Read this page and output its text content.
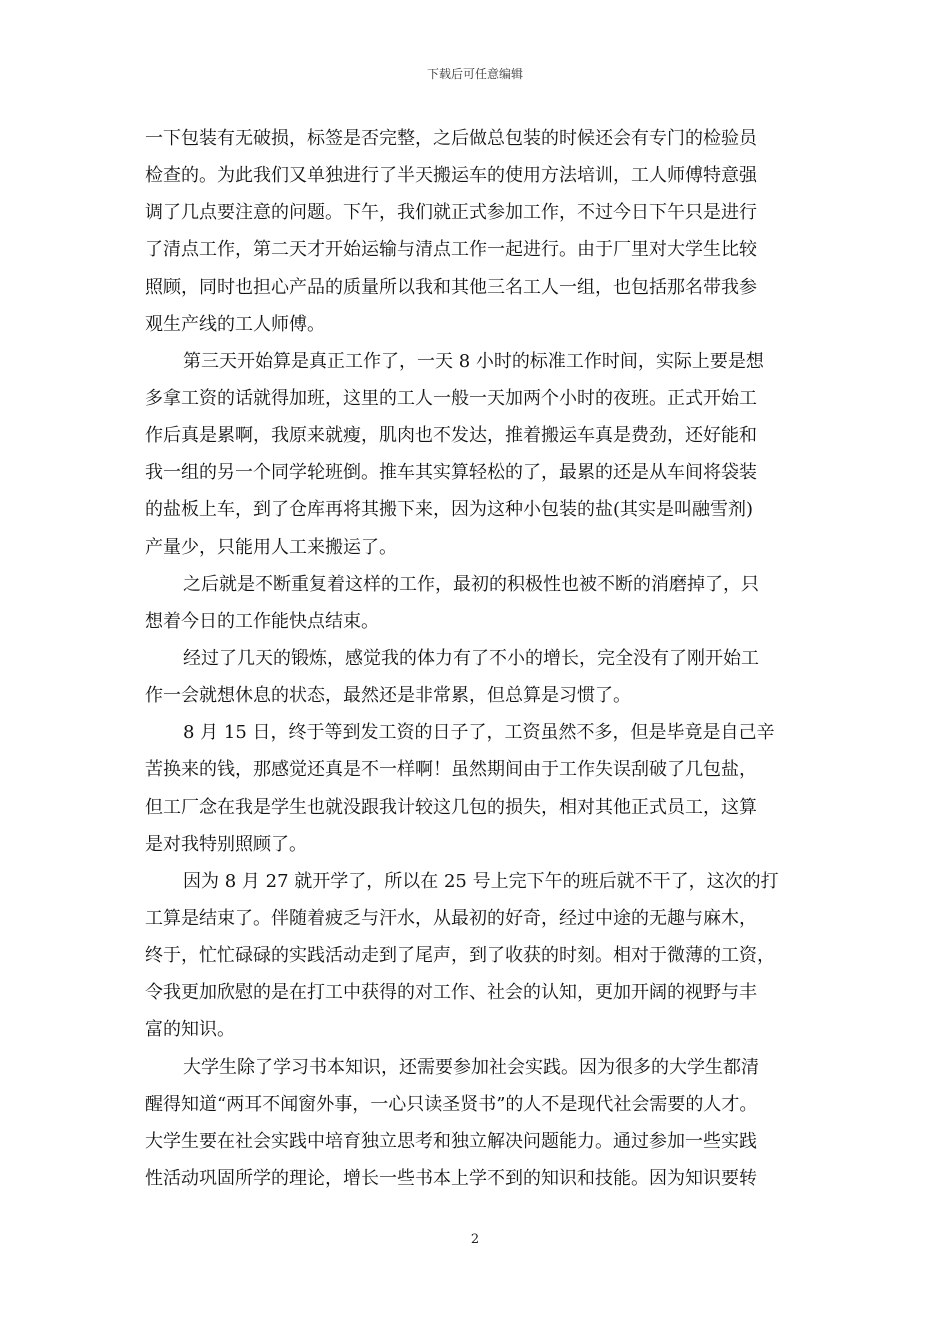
下载后可任意编辑
一下包装有无破损，标签是否完整，之后做总包装的时候还会有专门的检验员
检查的。为此我们又单独进行了半天搬运车的使用方法培训，工人师傅特意强
调了几点要注意的问题。下午，我们就正式参加工作，不过今日下午只是进行
了清点工作，第二天才开始运输与清点工作一起进行。由于厂里对大学生比较
照顾，同时也担心产品的质量所以我和其他三名工人一组，也包括那名带我参
观生产线的工人师傅。
第三天开始算是真正工作了，一天 8 小时的标准工作时间，实际上要是想
多拿工资的话就得加班，这里的工人一般一天加两个小时的夜班。正式开始工
作后真是累啊，我原来就瘦，肌肉也不发达，推着搬运车真是费劲，还好能和
我一组的另一个同学轮班倒。推车其实算轻松的了，最累的还是从车间将袋装
的盐板上车，到了仓库再将其搬下来，因为这种小包装的盐(其实是叫融雪剂)
产量少，只能用人工来搬运了。
之后就是不断重复着这样的工作，最初的积极性也被不断的消磨掉了，只
想着今日的工作能快点结束。
经过了几天的锻炼，感觉我的体力有了不小的增长，完全没有了刚开始工
作一会就想休息的状态，最然还是非常累，但总算是习惯了。
8 月 15 日，终于等到发工资的日子了，工资虽然不多，但是毕竟是自己辛
苦换来的钱，那感觉还真是不一样啊！虽然期间由于工作失误刮破了几包盐，
但工厂念在我是学生也就没跟我计较这几包的损失，相对其他正式员工，这算
是对我特别照顾了。
因为 8 月 27 就开学了，所以在 25 号上完下午的班后就不干了，这次的打
工算是结束了。伴随着疲乏与汗水，从最初的好奇，经过中途的无趣与麻木，
终于，忙忙碌碌的实践活动走到了尾声，到了收获的时刻。相对于微薄的工资，
令我更加欣慰的是在打工中获得的对工作、社会的认知，更加开阔的视野与丰
富的知识。
大学生除了学习书本知识，还需要参加社会实践。因为很多的大学生都清
醒得知道“两耳不闻窗外事，一心只读圣贤书”的人不是现代社会需要的人才。
大学生要在社会实践中培育独立思考和独立解决问题能力。通过参加一些实践
性活动巩固所学的理论，增长一些书本上学不到的知识和技能。因为知识要转
2
